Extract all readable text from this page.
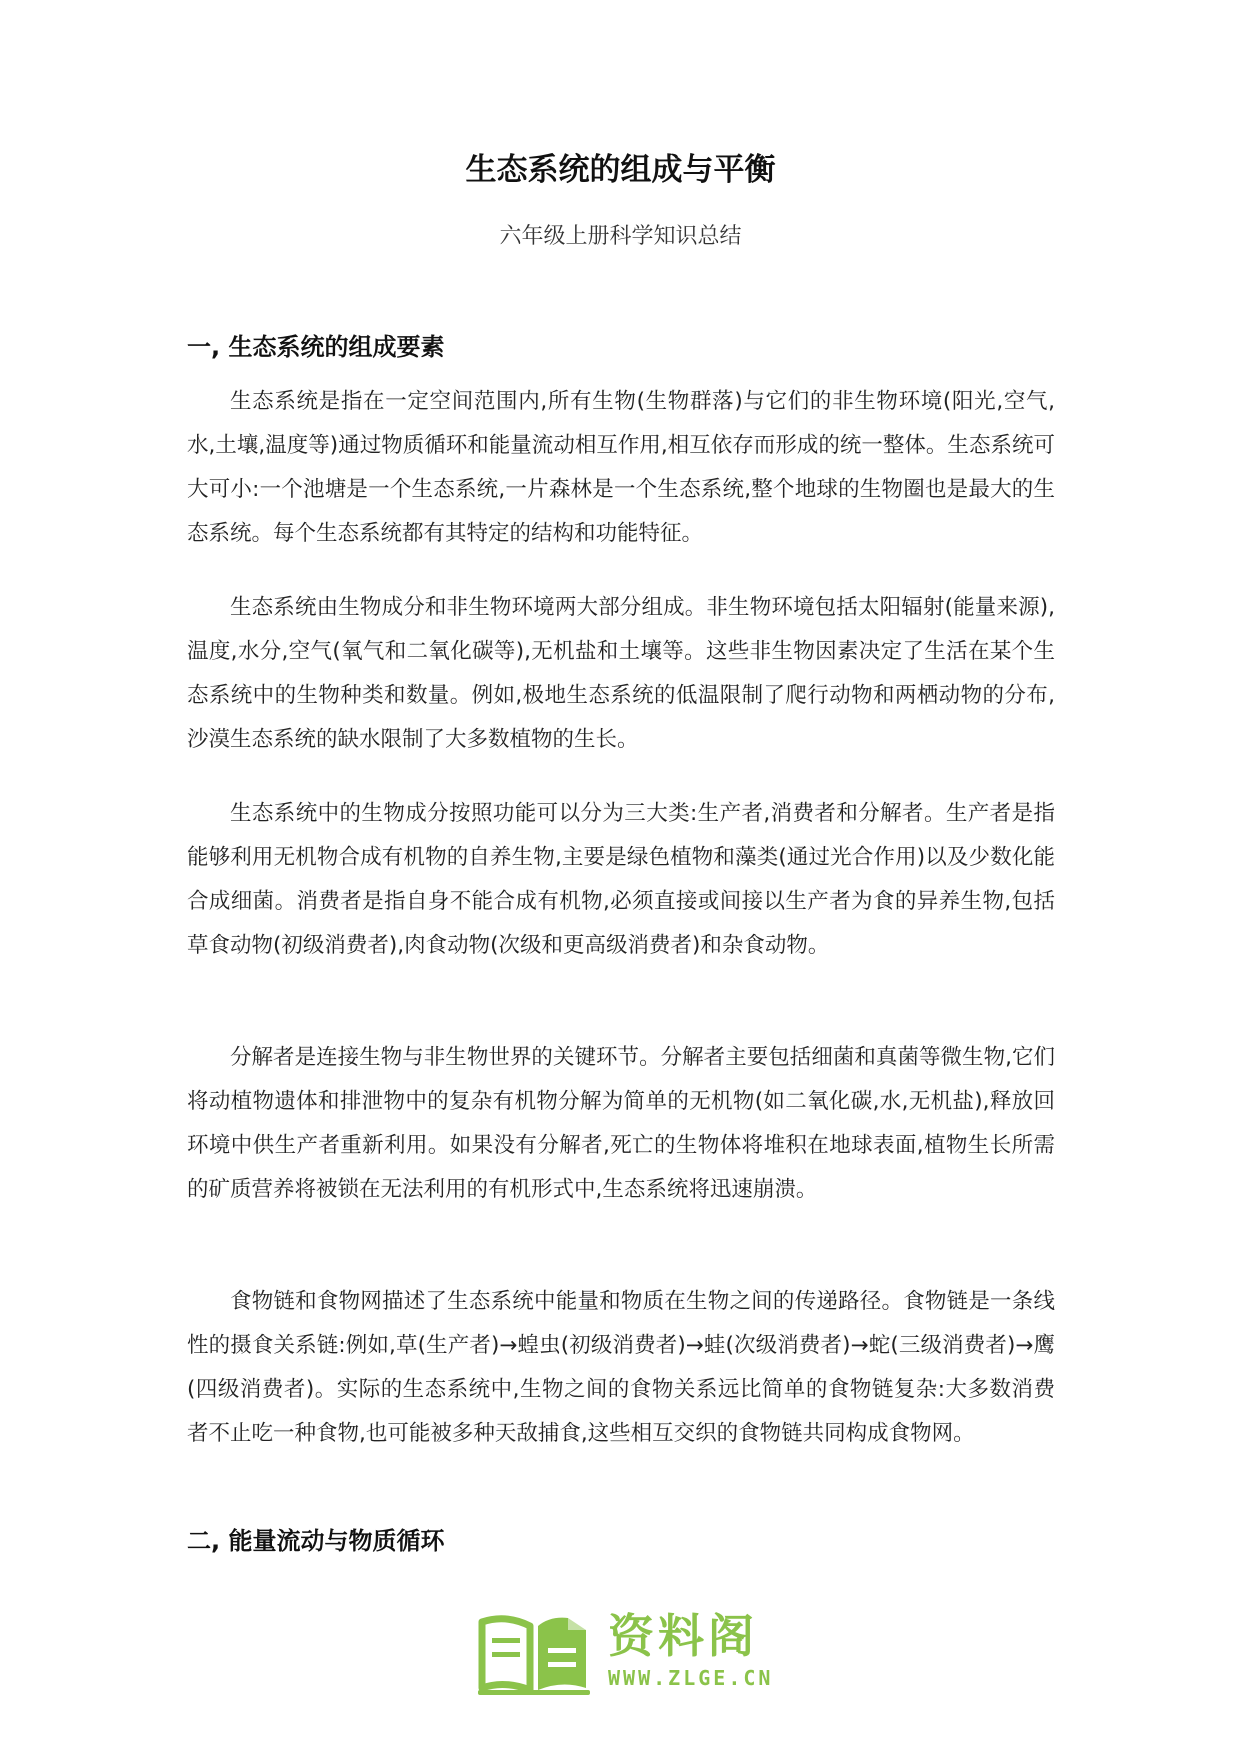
生态系统的组成与平衡
六年级上册科学知识总结
一, 生态系统的组成要素

生态系统是指在一定空间范围内,所有生物(生物群落)与它们的非生物环境(阳光,空气,水,土壤,温度等)通过物质循环和能量流动相互作用,相互依存而形成的统一整体。生态系统可大可小:一个池塘是一个生态系统,一片森林是一个生态系统,整个地球的生物圈也是最大的生态系统。每个生态系统都有其特定的结构和功能特征。

生态系统由生物成分和非生物环境两大部分组成。非生物环境包括太阳辐射(能量来源),温度,水分,空气(氧气和二氧化碳等),无机盐和土壤等。这些非生物因素决定了生活在某个生态系统中的生物种类和数量。例如,极地生态系统的低温限制了爬行动物和两栖动物的分布,沙漠生态系统的缺水限制了大多数植物的生长。

生态系统中的生物成分按照功能可以分为三大类:生产者,消费者和分解者。生产者是指能够利用无机物合成有机物的自养生物,主要是绿色植物和藻类(通过光合作用)以及少数化能合成细菌。消费者是指自身不能合成有机物,必须直接或间接以生产者为食的异养生物,包括草食动物(初级消费者),肉食动物(次级和更高级消费者)和杂食动物。

分解者是连接生物与非生物世界的关键环节。分解者主要包括细菌和真菌等微生物,它们将动植物遗体和排泄物中的复杂有机物分解为简单的无机物(如二氧化碳,水,无机盐),释放回环境中供生产者重新利用。如果没有分解者,死亡的生物体将堆积在地球表面,植物生长所需的矿质营养将被锁在无法利用的有机形式中,生态系统将迅速崩溃。

食物链和食物网描述了生态系统中能量和物质在生物之间的传递路径。食物链是一条线性的摄食关系链:例如,草(生产者)→蝗虫(初级消费者)→蛙(次级消费者)→蛇(三级消费者)→鹰(四级消费者)。实际的生态系统中,生物之间的食物关系远比简单的食物链复杂:大多数消费者不止吃一种食物,也可能被多种天敌捕食,这些相互交织的食物链共同构成食物网。

二, 能量流动与物质循环
资料阁
WWW.ZLGE.CN
